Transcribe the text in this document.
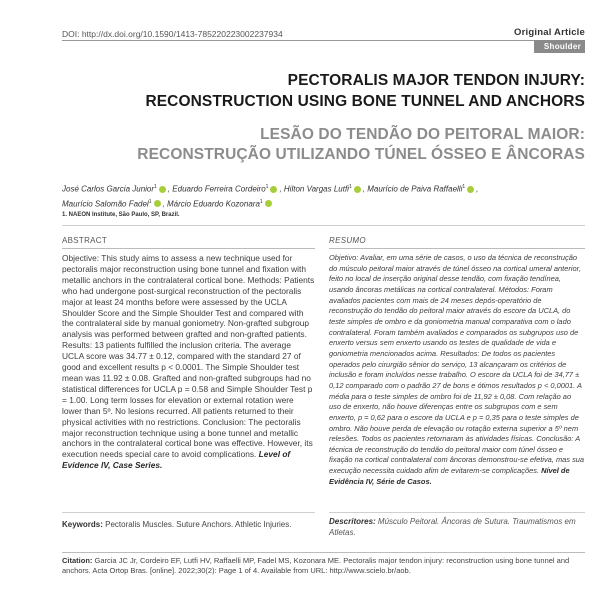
DOI: http://dx.doi.org/10.1590/1413-785220223002237934	Original Article
Shoulder
PECTORALIS MAJOR TENDON INJURY:
RECONSTRUCTION USING BONE TUNNEL AND ANCHORS
LESÃO DO TENDÃO DO PEITORAL MAIOR:
RECONSTRUÇÃO UTILIZANDO TÚNEL ÓSSEO E ÂNCORAS
José Carlos Garcia Junior$^1$ , Eduardo Ferreira Cordeiro$^1$ , Hilton Vargas Lutfi$^1$ , Maurício de Paiva Raffaelli$^1$ ,
Maurício Salomão Fadel$^1$ , Márcio Eduardo Kozonara$^1$
1. NAEON Institute, São Paulo, SP, Brazil.
ABSTRACT
Objective: This study aims to assess a new technique used for pectoralis major reconstruction using bone tunnel and fixation with metallic anchors in the contralateral cortical bone. Methods: Patients who had undergone post-surgical reconstruction of the pectoralis major at least 24 months before were assessed by the UCLA Shoulder Score and the Simple Shoulder Test and compared with the contralateral side by manual goniometry. Non-grafted subgroup analysis was performed between grafted and non-grafted patients. Results: 13 patients fulfilled the inclusion criteria. The average UCLA score was 34.77 ± 0.12, compared with the standard 27 of good and excellent results p < 0.0001. The Simple Shoulder test mean was 11.92 ± 0.08. Grafted and non-grafted subgroups had no statistical differences for UCLA p = 0.58 and Simple Shoulder Test p = 1.00. Long term losses for elevation or external rotation were lower than 5º. No lesions recurred. All patients returned to their physical activities with no restrictions. Conclusion: The pectoralis major reconstruction technique using a bone tunnel and metallic anchors in the contralateral cortical bone was effective. However, its execution needs special care to avoid complications. Level of Evidence IV, Case Series.
RESUMO
Objetivo: Avaliar, em uma série de casos, o uso da técnica de reconstrução do músculo peitoral maior através de túnel ósseo na cortical umeral anterior, feito no local de inserção original desse tendão, com fixação tendínea, usando âncoras metálicas na cortical contralateral. Métodos: Foram avaliados pacientes com mais de 24 meses depós-operatório de reconstrução do tendão do peitoral maior através do escore da UCLA, do teste simples de ombro e da goniometria manual comparativa com o lado contralateral. Foram também avaliados e comparados os subgrupos uso de enxerto versus sem enxerto usando os testes de qualidade de vida e goniometria mencionados acima. Resultados: De todos os pacientes operados pelo cirurgião sênior do serviço, 13 alcançaram os critérios de inclusão e foram incluídos nesse trabalho. O escore da UCLA foi de 34,77 ± 0,12 comparado com o padrão 27 de bons e ótimos resultados p < 0,0001. A média para o teste simples de ombro foi de 11,92 ± 0,08. Com relação ao uso de enxerto, não houve diferenças entre os subgrupos com e sem enxerto, p = 0,62 para o escore da UCLA e p = 0,35 para o teste simples de ombro. Não houve perda de elevação ou rotação externa superior a 5º nem relesões. Todos os pacientes retornaram às atividades físicas. Conclusão: A técnica de reconstrução do tendão do peitoral maior com túnel ósseo e fixação na cortical contralateral com âncoras demonstrou-se efetiva, mas sua execução necessita cuidado afim de evitarem-se complicações. Nível de Evidência IV, Série de Casos.
Keywords: Pectoralis Muscles. Suture Anchors. Athletic Injuries.	Descritores: Músculo Peitoral. Âncoras de Sutura. Traumatismos em Atletas.
Citation: Garcia JC Jr, Cordeiro EF, Lutfi HV, Raffaelli MP, Fadel MS, Kozonara ME. Pectoralis major tendon injury: reconstruction using bone tunnel and anchors. Acta Ortop Bras. [online]. 2022;30(2): Page 1 of 4. Available from URL: http://www.scielo.br/aob.
